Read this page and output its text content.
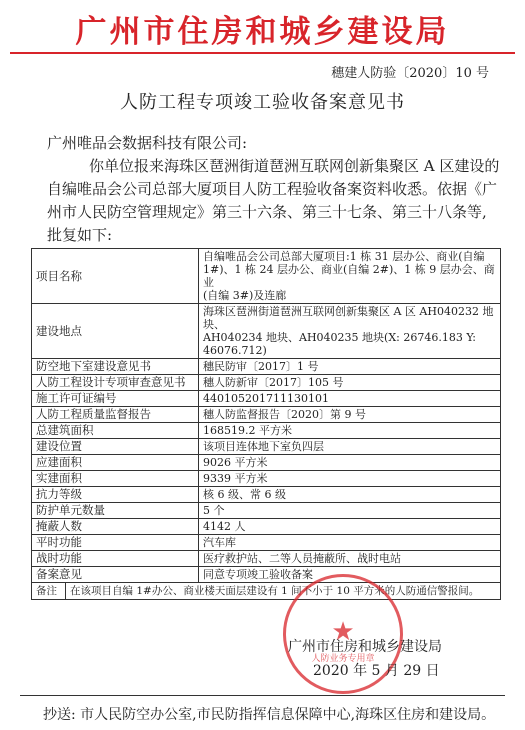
广州市住房和城乡建设局
穗建人防验〔2020〕10 号
人防工程专项竣工验收备案意见书
广州唯品会数据科技有限公司:
你单位报来海珠区琶洲街道琶洲互联网创新集聚区 A 区建设的
自编唯品会公司总部大厦项目人防工程验收备案资料收悉。依据《广
州市人民防空管理规定》第三十六条、第三十七条、第三十八条等,
批复如下:
项目名称	自编唯品会公司总部大厦项目:1 栋 31 层办公、商业(自编
1#)、1 栋 24 层办公、商业(自编 2#)、1 栋 9 层办会、商业
(自编 3#)及连廊

建设地点	海珠区琶洲街道琶洲互联网创新集聚区 A 区 AH040232 地块、
AH040234 地块、AH040235 地块(X: 26746.183 Y: 46076.712)

防空地下室建设意见书	穗民防审〔2017〕1 号

人防工程设计专项审查意见书	穗人防新审〔2017〕105 号

施工许可证编号	440105201711130101

人防工程质量监督报告	穗人防监督报告〔2020〕第 9 号

总建筑面积	168519.2 平方米

建设位置	该项目连体地下室负四层

应建面积	9026 平方米

实建面积	9339 平方米

抗力等级	核 6 级、常 6 级

防护单元数量	5 个

掩蔽人数	4142 人

平时功能	汽车库

战时功能	医疗救护站、二等人员掩蔽所、战时电站

备案意见	同意专项竣工验收备案

备注 在该项目自编 1#办公、商业楼天面层建设有 1 间不小于 10 平方米的人防通信警报间。	
★
人防业务专用章
广州市住房和城乡建设局
2020 年 5 月 29 日
抄送: 市人民防空办公室,市民防指挥信息保障中心,海珠区住房和建设局。
